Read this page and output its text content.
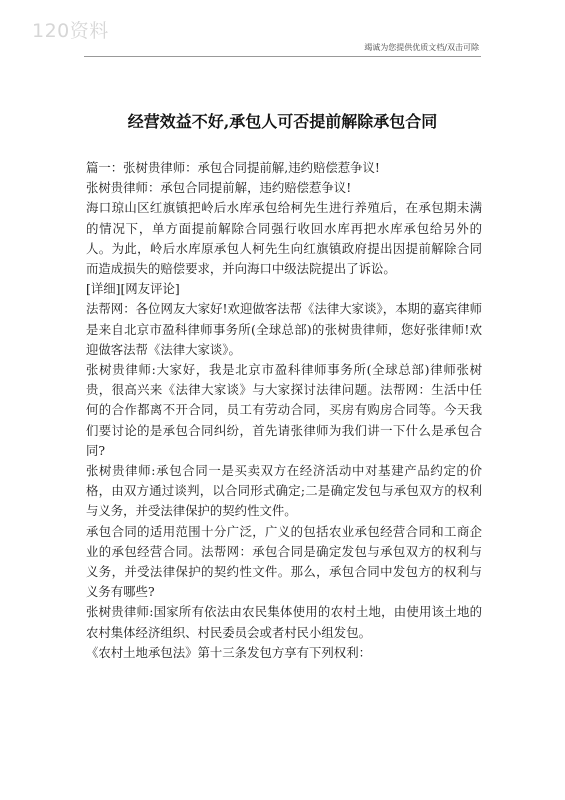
120资料
竭诚为您提供优质文档/双击可除
经营效益不好,承包人可否提前解除承包合同

篇一：张树贵律师：承包合同提前解,违约赔偿惹争议!

张树贵律师：承包合同提前解，违约赔偿惹争议!

海口琼山区红旗镇把岭后水库承包给柯先生进行养殖后，在承包期未满的情况下，单方面提前解除合同强行收回水库再把水库承包给另外的人。为此，岭后水库原承包人柯先生向红旗镇政府提出因提前解除合同而造成损失的赔偿要求，并向海口中级法院提出了诉讼。

[详细][网友评论]

法帮网：各位网友大家好!欢迎做客法帮《法律大家谈》，本期的嘉宾律师是来自北京市盈科律师事务所(全球总部)的张树贵律师，您好张律师!欢迎做客法帮《法律大家谈》。

张树贵律师:大家好，我是北京市盈科律师事务所(全球总部)律师张树贵，很高兴来《法律大家谈》与大家探讨法律问题。法帮网：生活中任何的合作都离不开合同，员工有劳动合同，买房有购房合同等。今天我们要讨论的是承包合同纠纷，首先请张律师为我们讲一下什么是承包合同?

张树贵律师:承包合同一是买卖双方在经济活动中对基建产品约定的价格，由双方通过谈判，以合同形式确定;二是确定发包与承包双方的权利与义务，并受法律保护的契约性文件。

承包合同的适用范围十分广泛，广义的包括农业承包经营合同和工商企业的承包经营合同。法帮网：承包合同是确定发包与承包双方的权利与义务，并受法律保护的契约性文件。那么，承包合同中发包方的权利与义务有哪些?

张树贵律师:国家所有依法由农民集体使用的农村土地，由使用该土地的农村集体经济组织、村民委员会或者村民小组发包。

《农村土地承包法》第十三条发包方享有下列权利：
